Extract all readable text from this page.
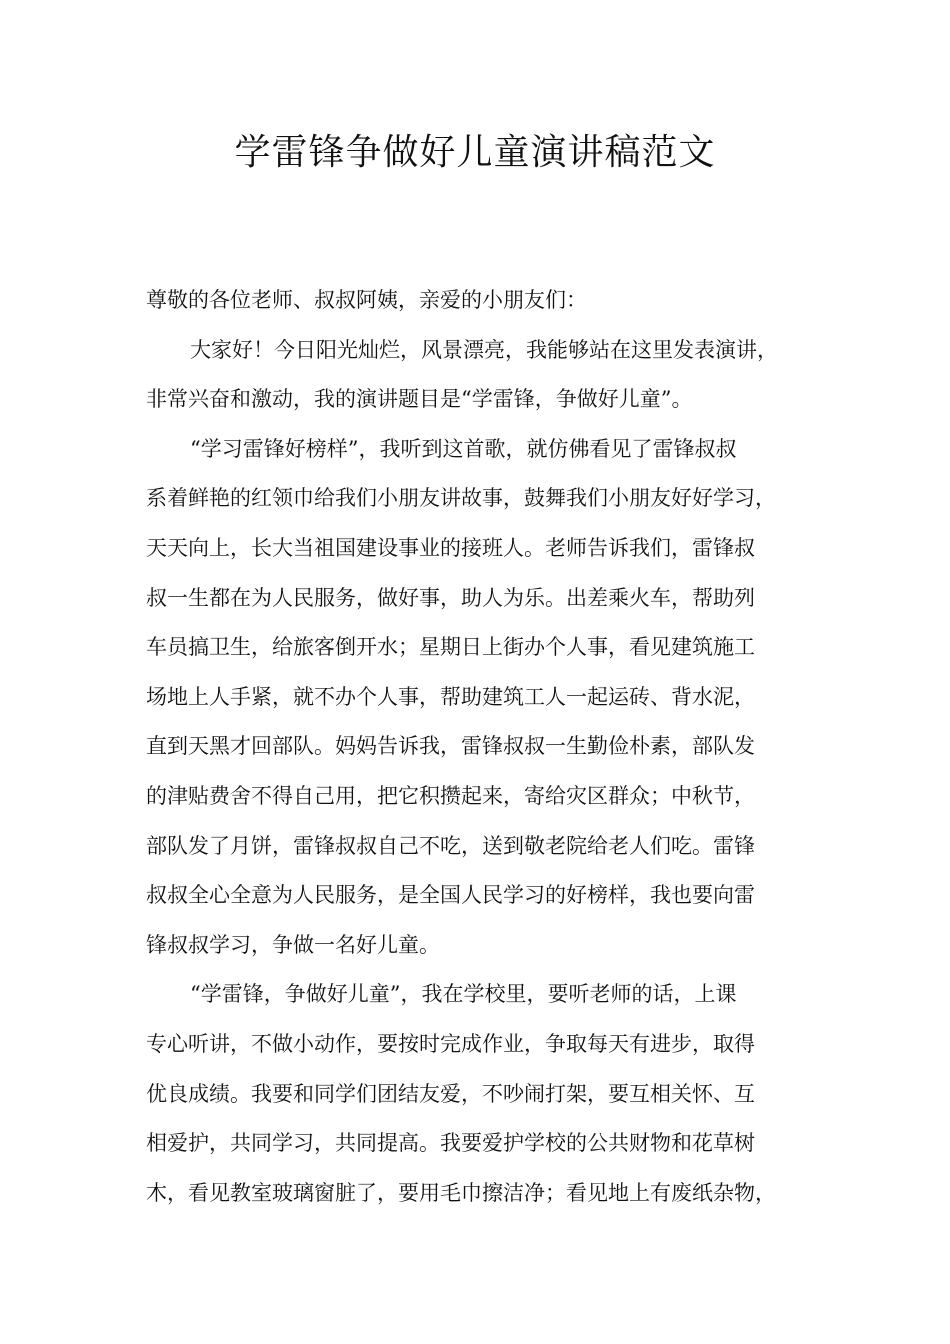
学雷锋争做好儿童演讲稿范文
尊敬的各位老师、叔叔阿姨，亲爱的小朋友们：
大家好！今日阳光灿烂，风景漂亮，我能够站在这里发表演讲，
非常兴奋和激动，我的演讲题目是“学雷锋，争做好儿童”。
“学习雷锋好榜样”，我听到这首歌，就仿佛看见了雷锋叔叔
系着鲜艳的红领巾给我们小朋友讲故事，鼓舞我们小朋友好好学习，
天天向上，长大当祖国建设事业的接班人。老师告诉我们，雷锋叔
叔一生都在为人民服务，做好事，助人为乐。出差乘火车，帮助列
车员搞卫生，给旅客倒开水；星期日上街办个人事，看见建筑施工
场地上人手紧，就不办个人事，帮助建筑工人一起运砖、背水泥，
直到天黑才回部队。妈妈告诉我，雷锋叔叔一生勤俭朴素，部队发
的津贴费舍不得自己用，把它积攒起来，寄给灾区群众；中秋节，
部队发了月饼，雷锋叔叔自己不吃，送到敬老院给老人们吃。雷锋
叔叔全心全意为人民服务，是全国人民学习的好榜样，我也要向雷
锋叔叔学习，争做一名好儿童。
“学雷锋，争做好儿童”，我在学校里，要听老师的话，上课
专心听讲，不做小动作，要按时完成作业，争取每天有进步，取得
优良成绩。我要和同学们团结友爱，不吵闹打架，要互相关怀、互
相爱护，共同学习，共同提高。我要爱护学校的公共财物和花草树
木，看见教室玻璃窗脏了，要用毛巾擦洁净；看见地上有废纸杂物，
